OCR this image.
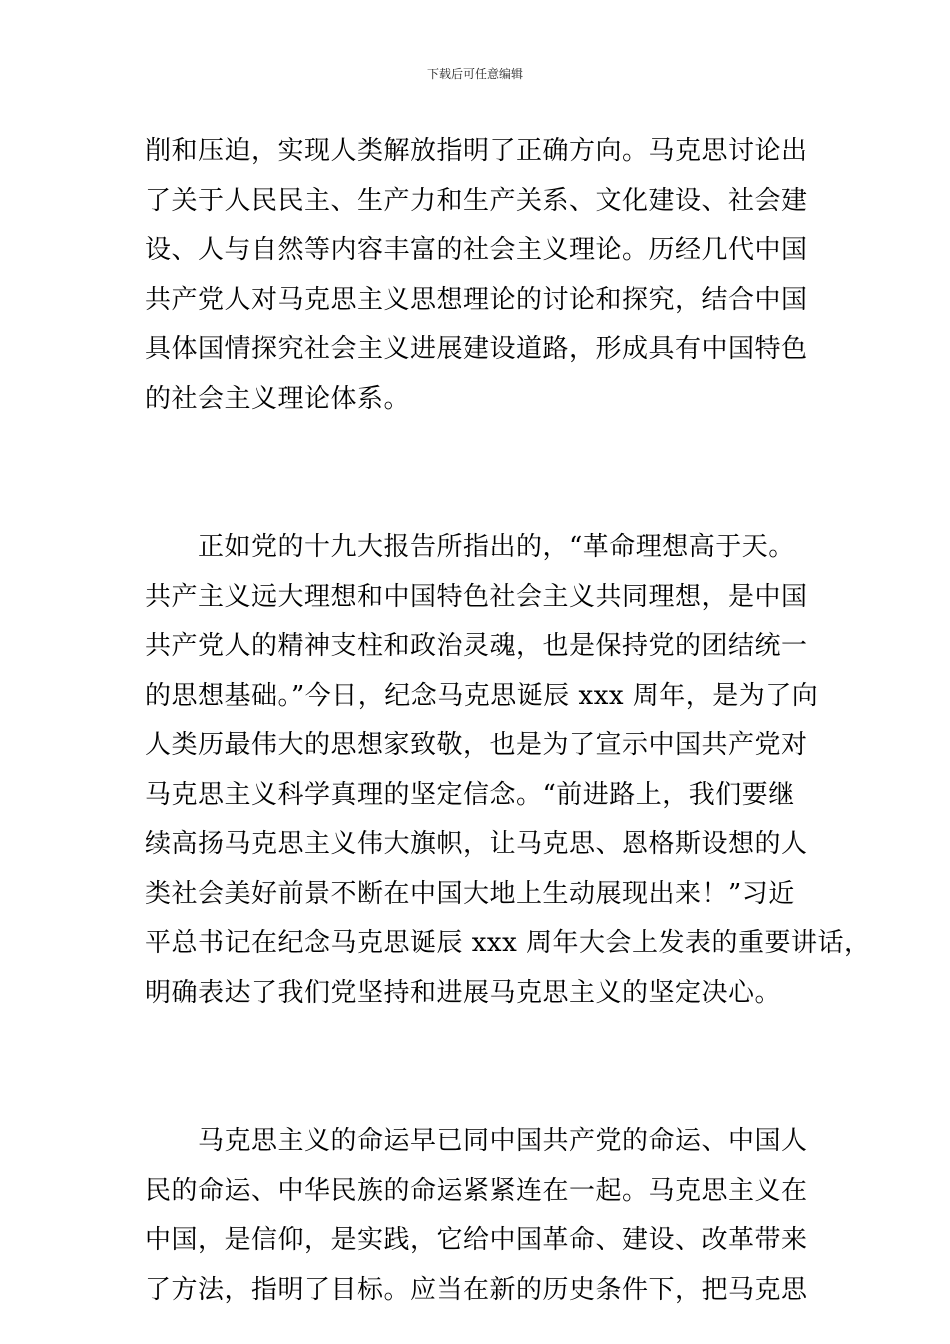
下载后可任意编辑

削和压迫，实现人类解放指明了正确方向。马克思讨论出
了关于人民民主、生产力和生产关系、文化建设、社会建
设、人与自然等内容丰富的社会主义理论。历经几代中国
共产党人对马克思主义思想理论的讨论和探究，结合中国
具体国情探究社会主义进展建设道路，形成具有中国特色
的社会主义理论体系。

　　正如党的十九大报告所指出的，“革命理想高于天。
共产主义远大理想和中国特色社会主义共同理想，是中国
共产党人的精神支柱和政治灵魂，也是保持党的团结统一
的思想基础。”今日，纪念马克思诞辰 xxx 周年，是为了向
人类历最伟大的思想家致敬，也是为了宣示中国共产党对
马克思主义科学真理的坚定信念。“前进路上，我们要继
续高扬马克思主义伟大旗帜，让马克思、恩格斯设想的人
类社会美好前景不断在中国大地上生动展现出来！”习近
平总书记在纪念马克思诞辰 xxx 周年大会上发表的重要讲话，
明确表达了我们党坚持和进展马克思主义的坚定决心。

　　马克思主义的命运早已同中国共产党的命运、中国人
民的命运、中华民族的命运紧紧连在一起。马克思主义在
中国，是信仰，是实践，它给中国革命、建设、改革带来
了方法，指明了目标。应当在新的历史条件下，把马克思
